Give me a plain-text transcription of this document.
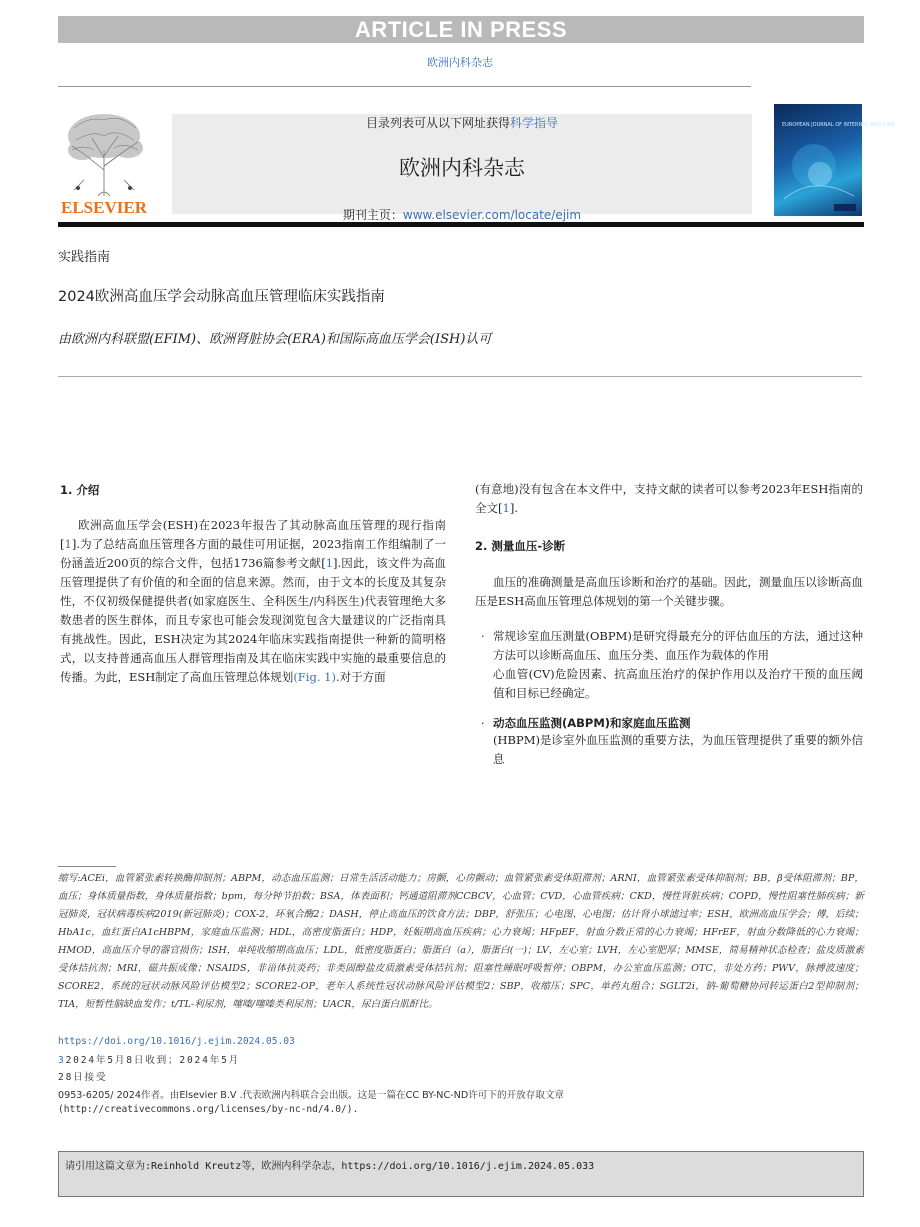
ARTICLE IN PRESS
欧洲内科杂志
ELSEVIER
目录列表可从以下网址获得科学指导
欧洲内科杂志
期刊主页：www.elsevier.com/locate/ejim
EUROPEAN JOURNAL OF INTERNAL MEDICINE
实践指南
2024欧洲高血压学会动脉高血压管理临床实践指南
由欧洲内科联盟(EFIM)、欧洲肾脏协会(ERA)和国际高血压学会(ISH)认可
1. 介绍
欧洲高血压学会(ESH)在2023年报告了其动脉高血压管理的现行指南[1].为了总结高血压管理各方面的最佳可用证据，2023指南工作组编制了一份涵盖近200页的综合文件，包括1736篇参考文献[1].因此，该文件为高血压管理提供了有价值的和全面的信息来源。然而，由于文本的长度及其复杂性，不仅初级保健提供者(如家庭医生、全科医生/内科医生)代表管理绝大多数患者的医生群体，而且专家也可能会发现浏览包含大量建议的广泛指南具有挑战性。因此，ESH决定为其2024年临床实践指南提供一种新的简明格式，以支持普通高血压人群管理指南及其在临床实践中实施的最重要信息的传播。为此，ESH制定了高血压管理总体规划(Fig. 1).对于方面
(有意地)没有包含在本文件中，支持文献的读者可以参考2023年ESH指南的全文[1].
2. 测量血压-诊断
血压的准确测量是高血压诊断和治疗的基础。因此，测量血压以诊断高血压是ESH高血压管理总体规划的第一个关键步骤。
· 常规诊室血压测量(OBPM)是研究得最充分的评估血压的方法，通过这种方法可以诊断高血压、血压分类、血压作为载体的作用
心血管(CV)危险因素、抗高血压治疗的保护作用以及治疗干预的血压阈值和目标已经确定。
· 动态血压监测(ABPM)和家庭血压监测
(HBPM)是诊室外血压监测的重要方法，为血压管理提供了重要的额外信息
缩写:ACEi，血管紧张素转换酶抑制剂；ABPM，动态血压监测；日常生活活动能力；房颤，心房颤动；血管紧张素受体阻滞剂；ARNI，血管紧张素受体抑制剂；BB，β受体阻滞剂；BP，血压；身体质量指数，身体质量指数；bpm，每分钟节拍数；BSA，体表面积；钙通道阻滞剂CCBCV，心血管；CVD，心血管疾病；CKD，慢性肾脏疾病；COPD，慢性阻塞性肺疾病；新冠肺炎，冠状病毒疾病2019(新冠肺炎)；COX-2，环氧合酶2；DASH，停止高血压的饮食方法；DBP，舒张压；心电图、心电图；估计肾小球滤过率；ESH，欧洲高血压学会；傅，后续；HbA1c，血红蛋白A1cHBPM，家庭血压监测；HDL，高密度脂蛋白；HDP，妊娠期高血压疾病；心力衰竭；HFpEF，射血分数正常的心力衰竭；HFrEF，射血分数降低的心力衰竭；HMOD，高血压介导的器官损伤；ISH，单纯收缩期高血压；LDL，低密度脂蛋白；脂蛋白（a），脂蛋白(一)；LV，左心室；LVH，左心室肥厚；MMSE，简易精神状态检查；盐皮质激素受体拮抗剂；MRI，磁共振成像；NSAIDS，非甾体抗炎药；非类固醇盐皮质激素受体拮抗剂；阻塞性睡眠呼吸暂停；OBPM，办公室血压监测；OTC，非处方药；PWV，脉搏波速度；SCORE2，系统的冠状动脉风险评估模型2；SCORE2-OP，老年人系统性冠状动脉风险评估模型2；SBP，收缩压；SPC，单药丸组合；SGLT2i，钠-葡萄糖协同转运蛋白2型抑制剂；TIA，短暂性脑缺血发作；t/TL-利尿剂，噻嗪/噻嗪类利尿剂；UACR，尿白蛋白肌酐比。
https://doi.org/10.1016/j.ejim.2024.05.03
32024年5月8日收到；2024年5月
28日接受
0953-6205/ 2024作者。由Elsevier B.V .代表欧洲内科联合会出版。这是一篇在CC BY-NC-ND许可下的开放存取文章
(http://creativecommons.org/licenses/by-nc-nd/4.0/).
请引用这篇文章为:Reinhold Kreutz等，欧洲内科学杂志，https://doi.org/10.1016/j.ejim.2024.05.033
